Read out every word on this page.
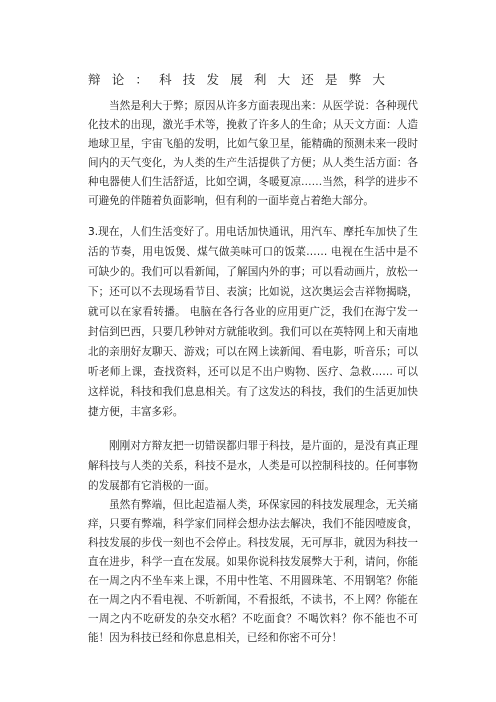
辩论：科技发展利大还是弊大

当然是利大于弊；原因从许多方面表现出来：从医学说：各种现代化技术的出现，激光手术等，挽救了许多人的生命；从天文方面：人造地球卫星，宇宙飞船的发明，比如气象卫星，能精确的预测未来一段时间内的天气变化，为人类的生产生活提供了方便；从人类生活方面：各种电器使人们生活舒适，比如空调，冬暖夏凉……当然，科学的进步不可避免的伴随着负面影响，但有利的一面毕竟占着绝大部分。

3.现在，人们生活变好了。用电话加快通讯，用汽车、摩托车加快了生活的节奏，用电饭煲、煤气做美味可口的饭菜…… 电视在生活中是不可缺少的。我们可以看新闻，了解国内外的事；可以看动画片，放松一下；还可以不去现场看节目、表演；比如说，这次奥运会吉祥物揭晓，就可以在家看转播。 电脑在各行各业的应用更广泛，我们在海宁发一封信到巴西，只要几秒钟对方就能收到。我们可以在英特网上和天南地北的亲朋好友聊天、游戏；可以在网上读新闻、看电影，听音乐；可以听老师上课，查找资料，还可以足不出户购物、医疗、急救…… 可以这样说，科技和我们息息相关。有了这发达的科技，我们的生活更加快捷方便，丰富多彩。

刚刚对方辩友把一切错误都归罪于科技，是片面的，是没有真正理解科技与人类的关系，科技不是水，人类是可以控制科技的。任何事物的发展都有它消极的一面。

虽然有弊端，但比起造福人类，环保家园的科技发展理念，无关痛痒，只要有弊端，科学家们同样会想办法去解决，我们不能因噎废食，科技发展的步伐一刻也不会停止。科技发展，无可厚非，就因为科技一直在进步，科学一直在发展。如果你说科技发展弊大于利，请问，你能在一周之内不坐车来上课，不用中性笔、不用圆珠笔、不用钢笔？你能在一周之内不看电视、不听新闻，不看报纸，不读书，不上网？你能在一周之内不吃研发的杂交水稻？不吃面食？不喝饮料？你不能也不可能！因为科技已经和你息息相关，已经和你密不可分！
